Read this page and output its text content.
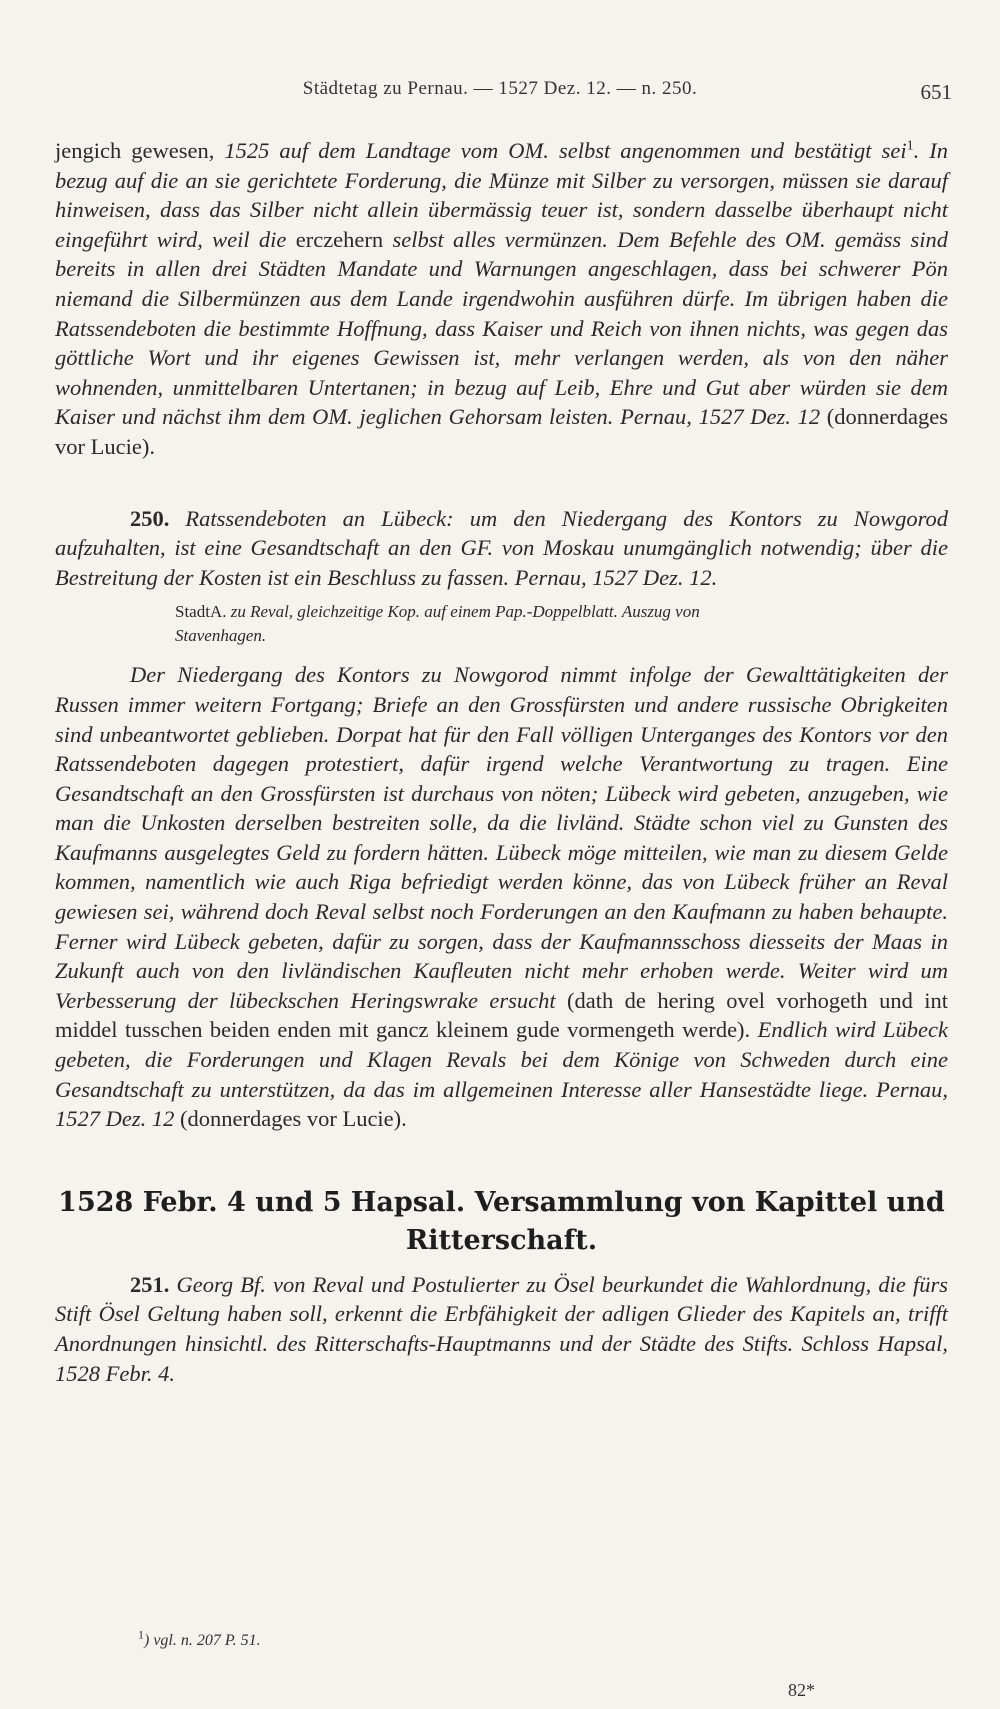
Städtetag zu Pernau. — 1527 Dez. 12. — n. 250.	651

jengich gewesen, 1525 auf dem Landtage vom OM. selbst angenommen und bestätigt sei$^1$. In bezug auf die an sie gerichtete Forderung, die Münze mit Silber zu versorgen, müssen sie darauf hinweisen, dass das Silber nicht allein übermässig teuer ist, sondern dasselbe überhaupt nicht eingeführt wird, weil die erczehern selbst alles vermünzen. Dem Befehle des OM. gemäss sind bereits in allen drei Städten Mandate und Warnungen angeschlagen, dass bei schwerer Pön niemand die Silbermünzen aus dem Lande irgendwohin ausführen dürfe. Im übrigen haben die Ratssendeboten die bestimmte Hoffnung, dass Kaiser und Reich von ihnen nichts, was gegen das göttliche Wort und ihr eigenes Gewissen ist, mehr verlangen werden, als von den näher wohnenden, unmittelbaren Untertanen; in bezug auf Leib, Ehre und Gut aber würden sie dem Kaiser und nächst ihm dem OM. jeglichen Gehorsam leisten. Pernau, 1527 Dez. 12 (donnerdages vor Lucie).

250. Ratssendeboten an Lübeck: um den Niedergang des Kontors zu Nowgorod aufzuhalten, ist eine Gesandtschaft an den GF. von Moskau unumgänglich notwendig; über die Bestreitung der Kosten ist ein Beschluss zu fassen. Pernau, 1527 Dez. 12.

StadtA. zu Reval, gleichzeitige Kop. auf einem Pap.-Doppelblatt. Auszug von
Stavenhagen.

Der Niedergang des Kontors zu Nowgorod nimmt infolge der Gewalttätigkeiten der Russen immer weitern Fortgang; Briefe an den Grossfürsten und andere russische Obrigkeiten sind unbeantwortet geblieben. Dorpat hat für den Fall völligen Unterganges des Kontors vor den Ratssendeboten dagegen protestiert, dafür irgend welche Verantwortung zu tragen. Eine Gesandtschaft an den Grossfürsten ist durchaus von nöten; Lübeck wird gebeten, anzugeben, wie man die Unkosten derselben bestreiten solle, da die livländ. Städte schon viel zu Gunsten des Kaufmanns ausgelegtes Geld zu fordern hätten. Lübeck möge mitteilen, wie man zu diesem Gelde kommen, namentlich wie auch Riga befriedigt werden könne, das von Lübeck früher an Reval gewiesen sei, während doch Reval selbst noch Forderungen an den Kaufmann zu haben behaupte. Ferner wird Lübeck gebeten, dafür zu sorgen, dass der Kaufmannsschoss diesseits der Maas in Zukunft auch von den livländischen Kaufleuten nicht mehr erhoben werde. Weiter wird um Verbesserung der lübeckschen Heringswrake ersucht (dath de hering ovel vorhogeth und int middel tusschen beiden enden mit gancz kleinem gude vormengeth werde). Endlich wird Lübeck gebeten, die Forderungen und Klagen Revals bei dem Könige von Schweden durch eine Gesandtschaft zu unterstützen, da das im allgemeinen Interesse aller Hansestädte liege. Pernau, 1527 Dez. 12 (donnerdages vor Lucie).

1528 Febr. 4 und 5 Hapsal. Versammlung von Kapittel und
Ritterschaft.

251. Georg Bf. von Reval und Postulierter zu Ösel beurkundet die Wahlordnung, die fürs Stift Ösel Geltung haben soll, erkennt die Erbfähigkeit der adligen Glieder des Kapitels an, trifft Anordnungen hinsichtl. des Ritterschafts-Hauptmanns und der Städte des Stifts. Schloss Hapsal, 1528 Febr. 4.

$^1$) vgl. n. 207 P. 51.
82*
